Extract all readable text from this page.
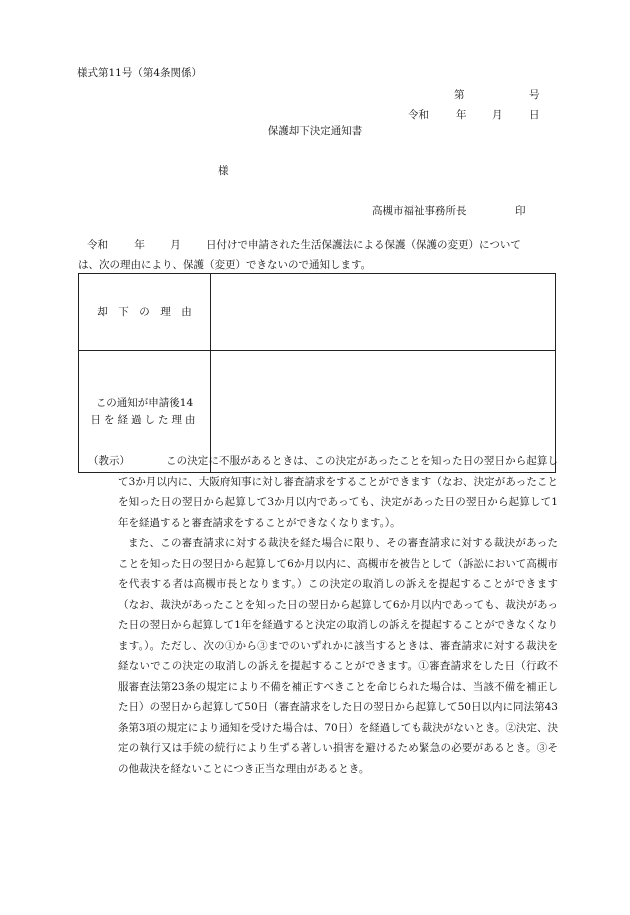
様式第11号（第4条関係）
第	号
令和	年 月	日
保護却下決定通知書
様
高槻市福祉事務所長	印
令和	年 月 日付けで申請された生活保護法による保護（保護の変更）について
は、次の理由により、保護（変更）できないので通知します。
却　下　の　理　由	

この通知が申請後14
日を経過した理由	

（教示）	この決定に不服があるときは、この決定があったことを知った日の翌日から起算して3か月以内に、大阪府知事に対し審査請求をすることができます（なお、決定があったことを知った日の翌日から起算して3か月以内であっても、決定があった日の翌日から起算して1年を経過すると審査請求をすることができなくなります。）。

また、この審査請求に対する裁決を経た場合に限り、その審査請求に対する裁決があったことを知った日の翌日から起算して6か月以内に、高槻市を被告として（訴訟において高槻市を代表する者は高槻市長となります。）この決定の取消しの訴えを提起することができます（なお、裁決があったことを知った日の翌日から起算して6か月以内であっても、裁決があった日の翌日から起算して1年を経過すると決定の取消しの訴えを提起することができなくなります。）。ただし、次の①から③までのいずれかに該当するときは、審査請求に対する裁決を経ないでこの決定の取消しの訴えを提起することができます。①審査請求をした日（行政不服審査法第23条の規定により不備を補正すべきことを命じられた場合は、当該不備を補正した日）の翌日から起算して50日（審査請求をした日の翌日から起算して50日以内に同法第43条第3項の規定により通知を受けた場合は、70日）を経過しても裁決がないとき。②決定、決定の執行又は手続の続行により生ずる著しい損害を避けるため緊急の必要があるとき。③その他裁決を経ないことにつき正当な理由があるとき。
